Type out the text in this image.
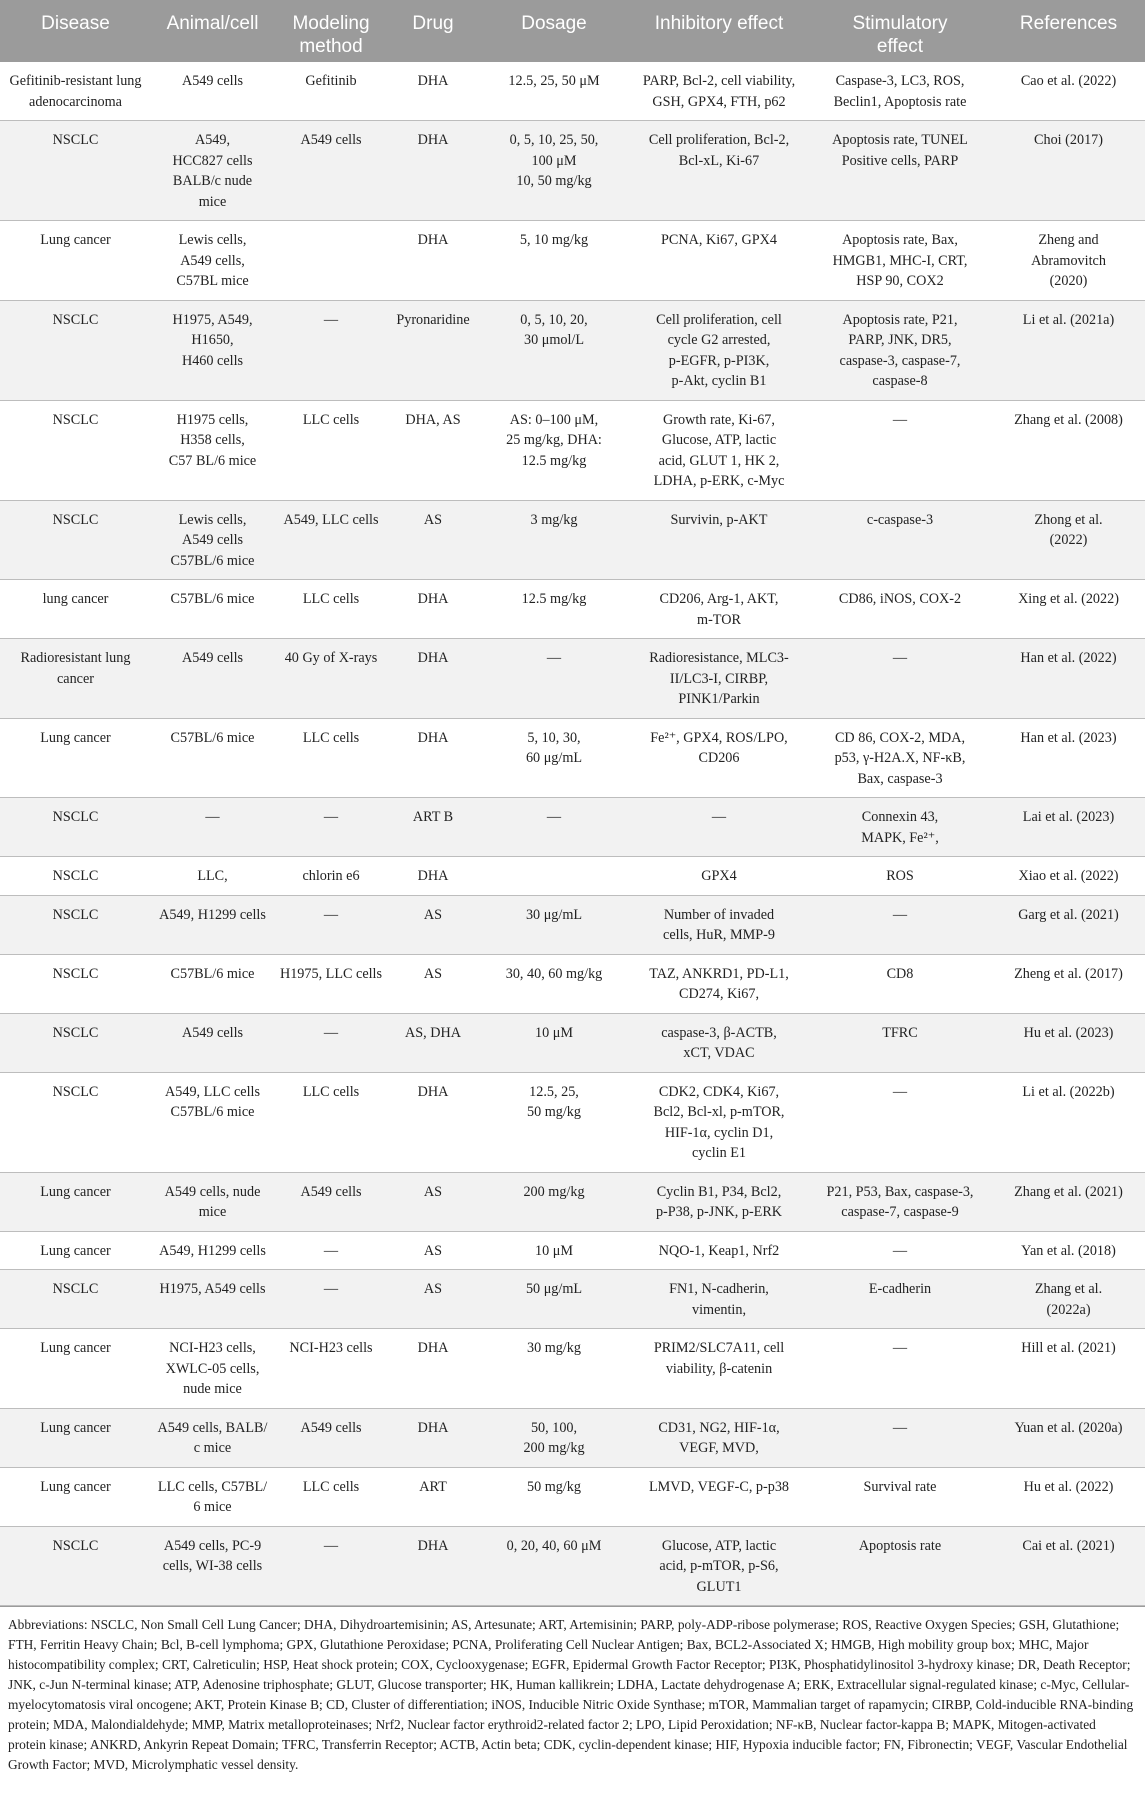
Disease	Animal/cell	Modeling
method	Drug	Dosage	Inhibitory effect	Stimulatory
effect	References
Gefitinib-resistant lung adenocarcinoma	A549 cells	Gefitinib	DHA	12.5, 25, 50 μM	PARP, Bcl-2, cell viability, GSH, GPX4, FTH, p62	Caspase-3, LC3, ROS, Beclin1, Apoptosis rate	Cao et al. (2022)
NSCLC	A549,
HCC827 cells
BALB/c nude
mice	A549 cells	DHA	0, 5, 10, 25, 50,
100 μM
10, 50 mg/kg	Cell proliferation, Bcl-2,
Bcl-xL, Ki-67	Apoptosis rate, TUNEL
Positive cells, PARP	Choi (2017)
Lung cancer	Lewis cells,
A549 cells,
C57BL mice		DHA	5, 10 mg/kg	PCNA, Ki67, GPX4	Apoptosis rate, Bax,
HMGB1, MHC-I, CRT,
HSP 90, COX2	Zheng and
Abramovitch
(2020)
NSCLC	H1975, A549,
H1650,
H460 cells	—	Pyronaridine	0, 5, 10, 20,
30 μmol/L	Cell proliferation, cell
cycle G2 arrested,
p-EGFR, p-PI3K,
p-Akt, cyclin B1	Apoptosis rate, P21,
PARP, JNK, DR5,
caspase-3, caspase-7,
caspase-8	Li et al. (2021a)
NSCLC	H1975 cells,
H358 cells,
C57 BL/6 mice	LLC cells	DHA, AS	AS: 0–100 μM,
25 mg/kg, DHA:
12.5 mg/kg	Growth rate, Ki-67,
Glucose, ATP, lactic
acid, GLUT 1, HK 2,
LDHA, p-ERK, c-Myc	—	Zhang et al. (2008)
NSCLC	Lewis cells,
A549 cells
C57BL/6 mice	A549, LLC cells	AS	3 mg/kg	Survivin, p-AKT	c-caspase-3	Zhong et al.
(2022)
lung cancer	C57BL/6 mice	LLC cells	DHA	12.5 mg/kg	CD206, Arg-1, AKT,
m-TOR	CD86, iNOS, COX-2	Xing et al. (2022)
Radioresistant lung
cancer	A549 cells	40 Gy of X-rays	DHA	—	Radioresistance, MLC3-
II/LC3-I, CIRBP,
PINK1/Parkin	—	Han et al. (2022)
Lung cancer	C57BL/6 mice	LLC cells	DHA	5, 10, 30,
60 μg/mL	Fe²⁺, GPX4, ROS/LPO,
CD206	CD 86, COX-2, MDA,
p53, γ-H2A.X, NF-κB,
Bax, caspase-3	Han et al. (2023)
NSCLC	—	—	ART B	—	—	Connexin 43,
MAPK, Fe²⁺,	Lai et al. (2023)
NSCLC	LLC,	chlorin e6	DHA		GPX4	ROS	Xiao et al. (2022)
NSCLC	A549, H1299 cells	—	AS	30 μg/mL	Number of invaded
cells, HuR, MMP-9	—	Garg et al. (2021)
NSCLC	C57BL/6 mice	H1975, LLC cells	AS	30, 40, 60 mg/kg	TAZ, ANKRD1, PD-L1,
CD274, Ki67,	CD8	Zheng et al. (2017)
NSCLC	A549 cells	—	AS, DHA	10 μM	caspase-3, β-ACTB,
xCT, VDAC	TFRC	Hu et al. (2023)
NSCLC	A549, LLC cells
C57BL/6 mice	LLC cells	DHA	12.5, 25,
50 mg/kg	CDK2, CDK4, Ki67,
Bcl2, Bcl-xl, p-mTOR,
HIF-1α, cyclin D1,
cyclin E1	—	Li et al. (2022b)
Lung cancer	A549 cells, nude
mice	A549 cells	AS	200 mg/kg	Cyclin B1, P34, Bcl2,
p-P38, p-JNK, p-ERK	P21, P53, Bax, caspase-3,
caspase-7, caspase-9	Zhang et al. (2021)
Lung cancer	A549, H1299 cells	—	AS	10 μM	NQO-1, Keap1, Nrf2	—	Yan et al. (2018)
NSCLC	H1975, A549 cells	—	AS	50 μg/mL	FN1, N-cadherin,
vimentin,	E-cadherin	Zhang et al.
(2022a)
Lung cancer	NCI-H23 cells,
XWLC-05 cells,
nude mice	NCI-H23 cells	DHA	30 mg/kg	PRIM2/SLC7A11, cell
viability, β-catenin	—	Hill et al. (2021)
Lung cancer	A549 cells, BALB/
c mice	A549 cells	DHA	50, 100,
200 mg/kg	CD31, NG2, HIF-1α,
VEGF, MVD,	—	Yuan et al. (2020a)
Lung cancer	LLC cells, C57BL/
6 mice	LLC cells	ART	50 mg/kg	LMVD, VEGF-C, p-p38	Survival rate	Hu et al. (2022)
NSCLC	A549 cells, PC-9
cells, WI-38 cells	—	DHA	0, 20, 40, 60 μM	Glucose, ATP, lactic
acid, p-mTOR, p-S6,
GLUT1	Apoptosis rate	Cai et al. (2021)
Abbreviations: NSCLC, Non Small Cell Lung Cancer; DHA, Dihydroartemisinin; AS, Artesunate; ART, Artemisinin; PARP, poly-ADP-ribose polymerase; ROS, Reactive Oxygen Species; GSH, Glutathione; FTH, Ferritin Heavy Chain; Bcl, B-cell lymphoma; GPX, Glutathione Peroxidase; PCNA, Proliferating Cell Nuclear Antigen; Bax, BCL2-Associated X; HMGB, High mobility group box; MHC, Major histocompatibility complex; CRT, Calreticulin; HSP, Heat shock protein; COX, Cyclooxygenase; EGFR, Epidermal Growth Factor Receptor; PI3K, Phosphatidylinositol 3-hydroxy kinase; DR, Death Receptor; JNK, c-Jun N-terminal kinase; ATP, Adenosine triphosphate; GLUT, Glucose transporter; HK, Human kallikrein; LDHA, Lactate dehydrogenase A; ERK, Extracellular signal-regulated kinase; c-Myc, Cellular-myelocytomatosis viral oncogene; AKT, Protein Kinase B; CD, Cluster of differentiation; iNOS, Inducible Nitric Oxide Synthase; mTOR, Mammalian target of rapamycin; CIRBP, Cold-inducible RNA-binding protein; MDA, Malondialdehyde; MMP, Matrix metalloproteinases; Nrf2, Nuclear factor erythroid2-related factor 2; LPO, Lipid Peroxidation; NF-κB, Nuclear factor-kappa B; MAPK, Mitogen-activated protein kinase; ANKRD, Ankyrin Repeat Domain; TFRC, Transferrin Receptor; ACTB, Actin beta; CDK, cyclin-dependent kinase; HIF, Hypoxia inducible factor; FN, Fibronectin; VEGF, Vascular Endothelial Growth Factor; MVD, Microlymphatic vessel density.
